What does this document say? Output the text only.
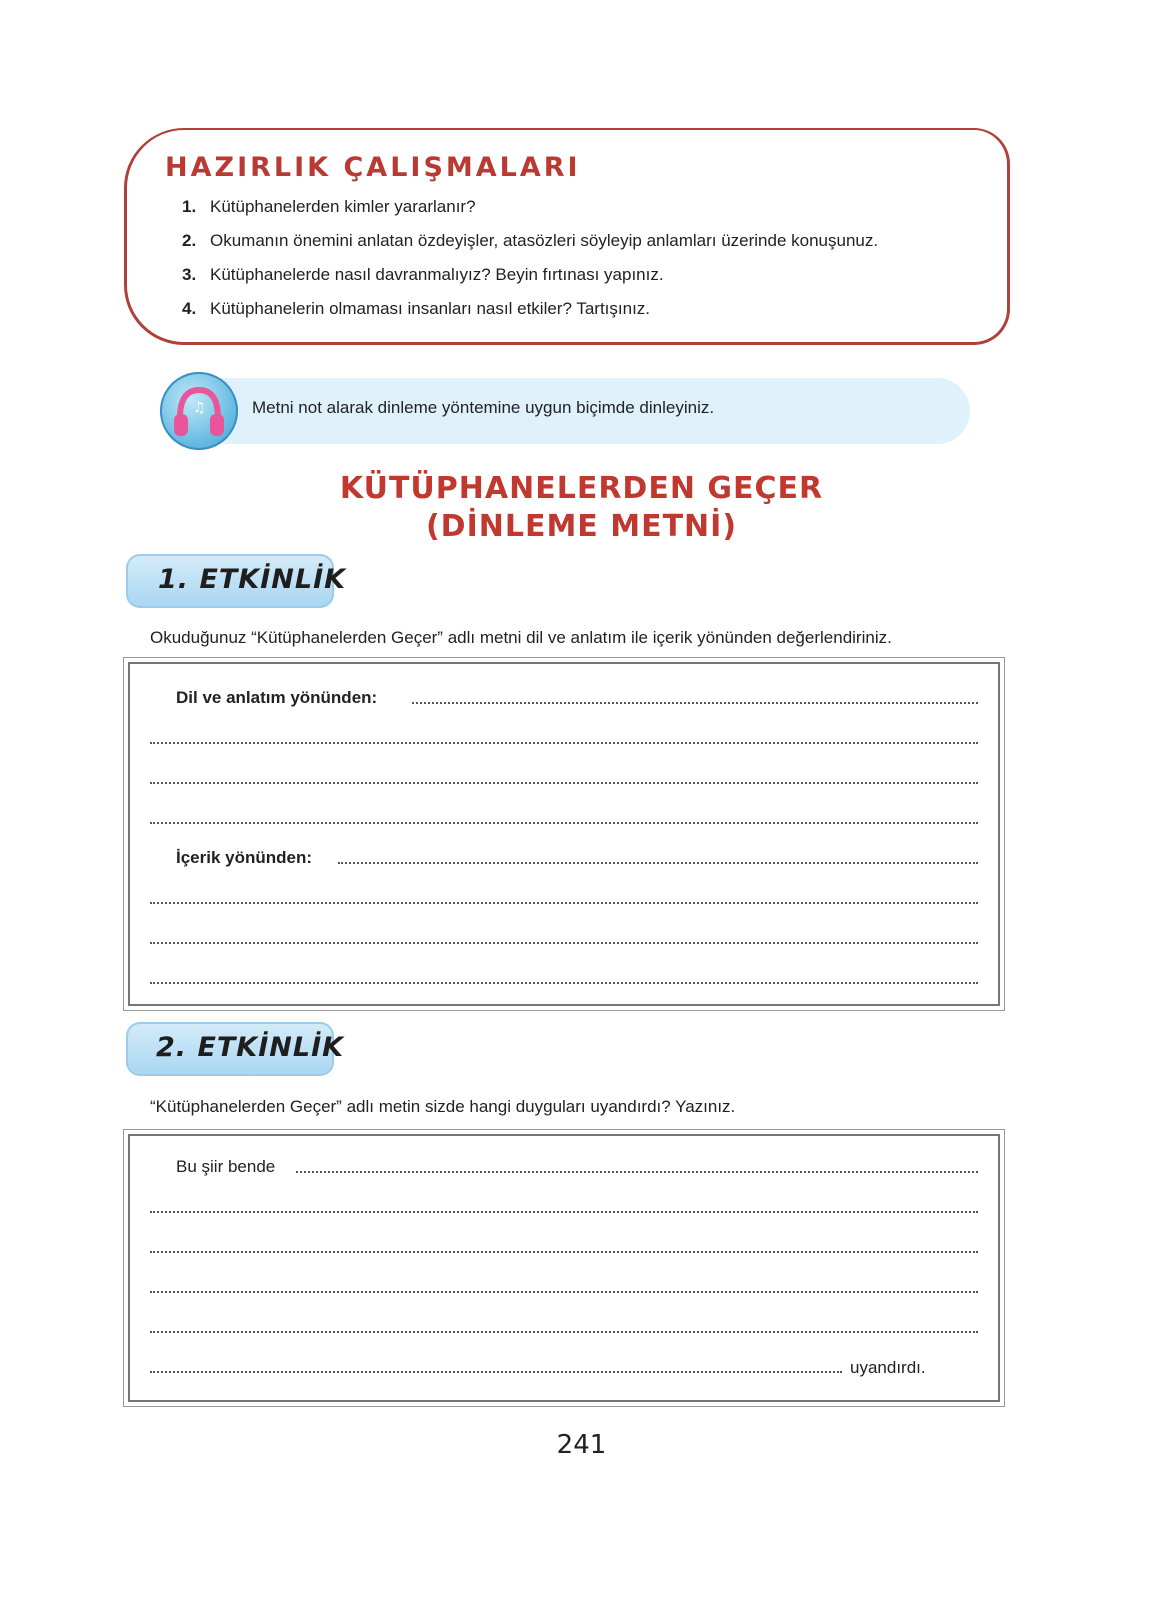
HAZIRLIK ÇALIŞMALARI
1. Kütüphanelerden kimler yararlanır?
2. Okumanın önemini anlatan özdeyişler, atasözleri söyleyip anlamları üzerinde konuşunuz.
3. Kütüphanelerde nasıl davranmalıyız? Beyin fırtınası yapınız.
4. Kütüphanelerin olmaması insanları nasıl etkiler? Tartışınız.
♫	Metni not alarak dinleme yöntemine uygun biçimde dinleyiniz.
KÜTÜPHANELERDEN GEÇER
(DİNLEME METNİ)
1. ETKİNLİK
Okuduğunuz “Kütüphanelerden Geçer” adlı metni dil ve anlatım ile içerik yönünden değerlendiriniz.
Dil ve anlatım yönünden:
İçerik yönünden:
2. ETKİNLİK
“Kütüphanelerden Geçer” adlı metin sizde hangi duyguları uyandırdı? Yazınız.
Bu şiir bende
uyandırdı.
241
